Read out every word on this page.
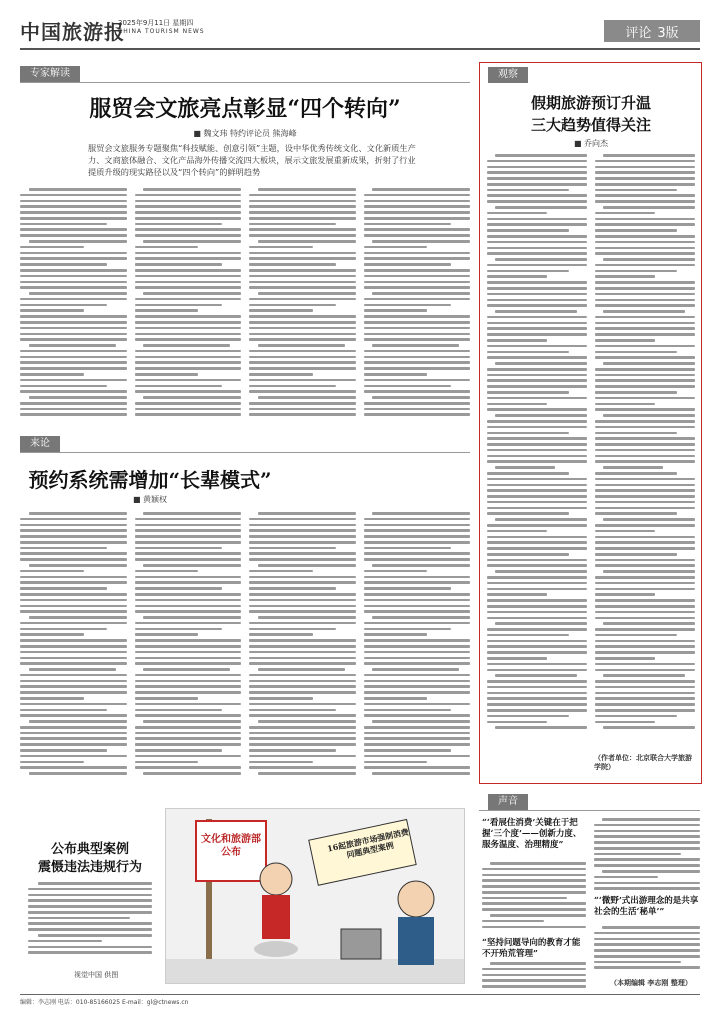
中国旅游报
2025年9月11日 星期四
CHINA TOURISM NEWS	评论 3版
专家解读
服贸会文旅亮点彰显“四个转向”
■ 魏文玮 特约评论员 熊海峰
服贸会文旅服务专题聚焦“科技赋能、创意引领”主题，设中华优秀传统文化、文化新质生产力、文商旅体融合、文化产品海外传播交流四大板块，展示文旅发展重新成果，折射了行业提质升级的现实路径以及“四个转向”的鲜明趋势
来论
预约系统需增加“长辈模式”
■ 黄颖权
观察
假期旅游预订升温
三大趋势值得关注
■ 乔向杰
（作者单位：北京联合大学旅游学院）
公布典型案例
震慑违法违规行为
视觉中国 供图
文化和旅游部公布	16起旅游市场强制消费问题典型案例
声音
“‘看展住消费’关键在于把握‘三个度’——创新力度、服务温度、治理精度”
“坚持问题导向的教育才能不开殆荒管理”
“‘微野’式出游理念的是共享社会的生活‘秘单’”
（本期编辑 李志刚 整理）
编辑：李志刚 电话：010-85166025 E-mail：gl@ctnews.cn
